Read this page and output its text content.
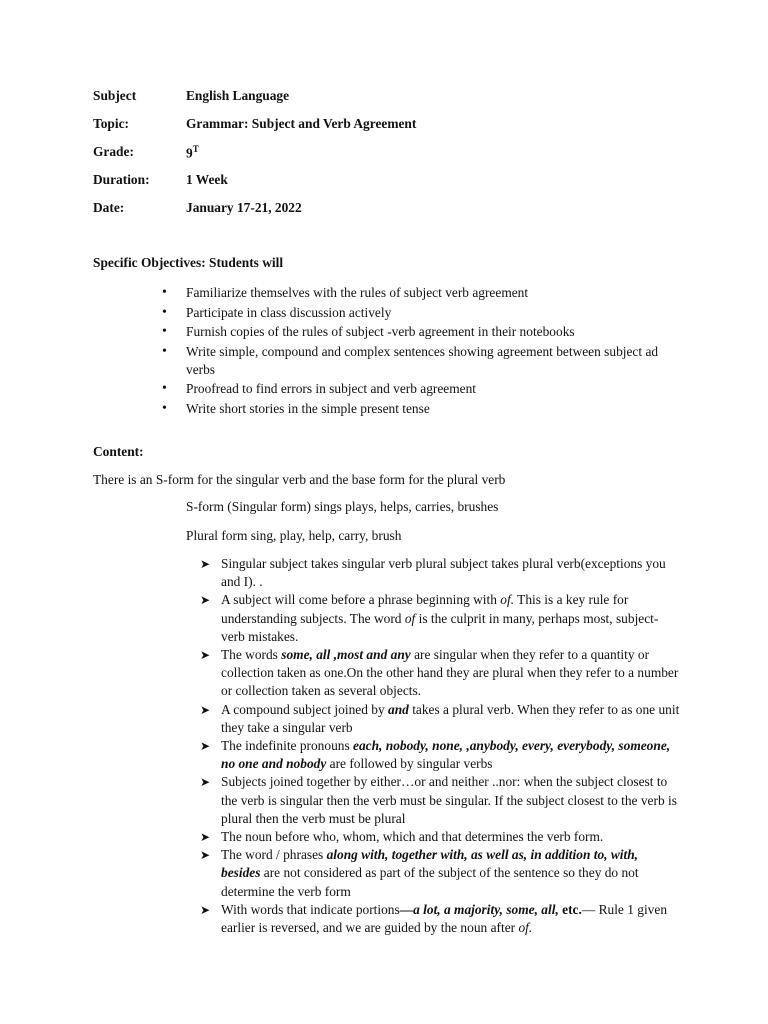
Subject	English Language
Topic:	Grammar: Subject and Verb Agreement
Grade:	$9^T$
Duration:	1 Week
Date:	January 17-21, 2022
Specific Objectives: Students will
• Familiarize themselves with the rules of subject verb agreement
• Participate in class discussion actively
• Furnish copies of the rules of subject -verb agreement in their notebooks
• Write simple, compound and complex sentences showing agreement between subject ad verbs
• Proofread to find errors in subject and verb agreement
• Write short stories in the simple present tense
Content:
There is an S-form for the singular verb and the base form for the plural verb
S-form (Singular form) sings plays, helps, carries, brushes
Plural form sing, play, help, carry, brush
➤ Singular subject takes singular verb plural subject takes plural verb(exceptions you and I). .
➤ A subject will come before a phrase beginning with of. This is a key rule for understanding subjects. The word of is the culprit in many, perhaps most, subject-verb mistakes.
➤ The words some, all ,most and any are singular when they refer to a quantity or collection taken as one.On the other hand they are plural when they refer to a number or collection taken as several objects.
➤ A compound subject joined by and takes a plural verb. When they refer to as one unit they take a singular verb
➤ The indefinite pronouns each, nobody, none, ,anybody, every, everybody, someone, no one and nobody are followed by singular verbs
➤ Subjects joined together by either…or and neither ..nor: when the subject closest to the verb is singular then the verb must be singular. If the subject closest to the verb is plural then the verb must be plural
➤ The noun before who, whom, which and that determines the verb form.
➤ The word / phrases along with, together with, as well as, in addition to, with, besides are not considered as part of the subject of the sentence so they do not determine the verb form
➤ With words that indicate portions—a lot, a majority, some, all, etc.— Rule 1 given earlier is reversed, and we are guided by the noun after of.
